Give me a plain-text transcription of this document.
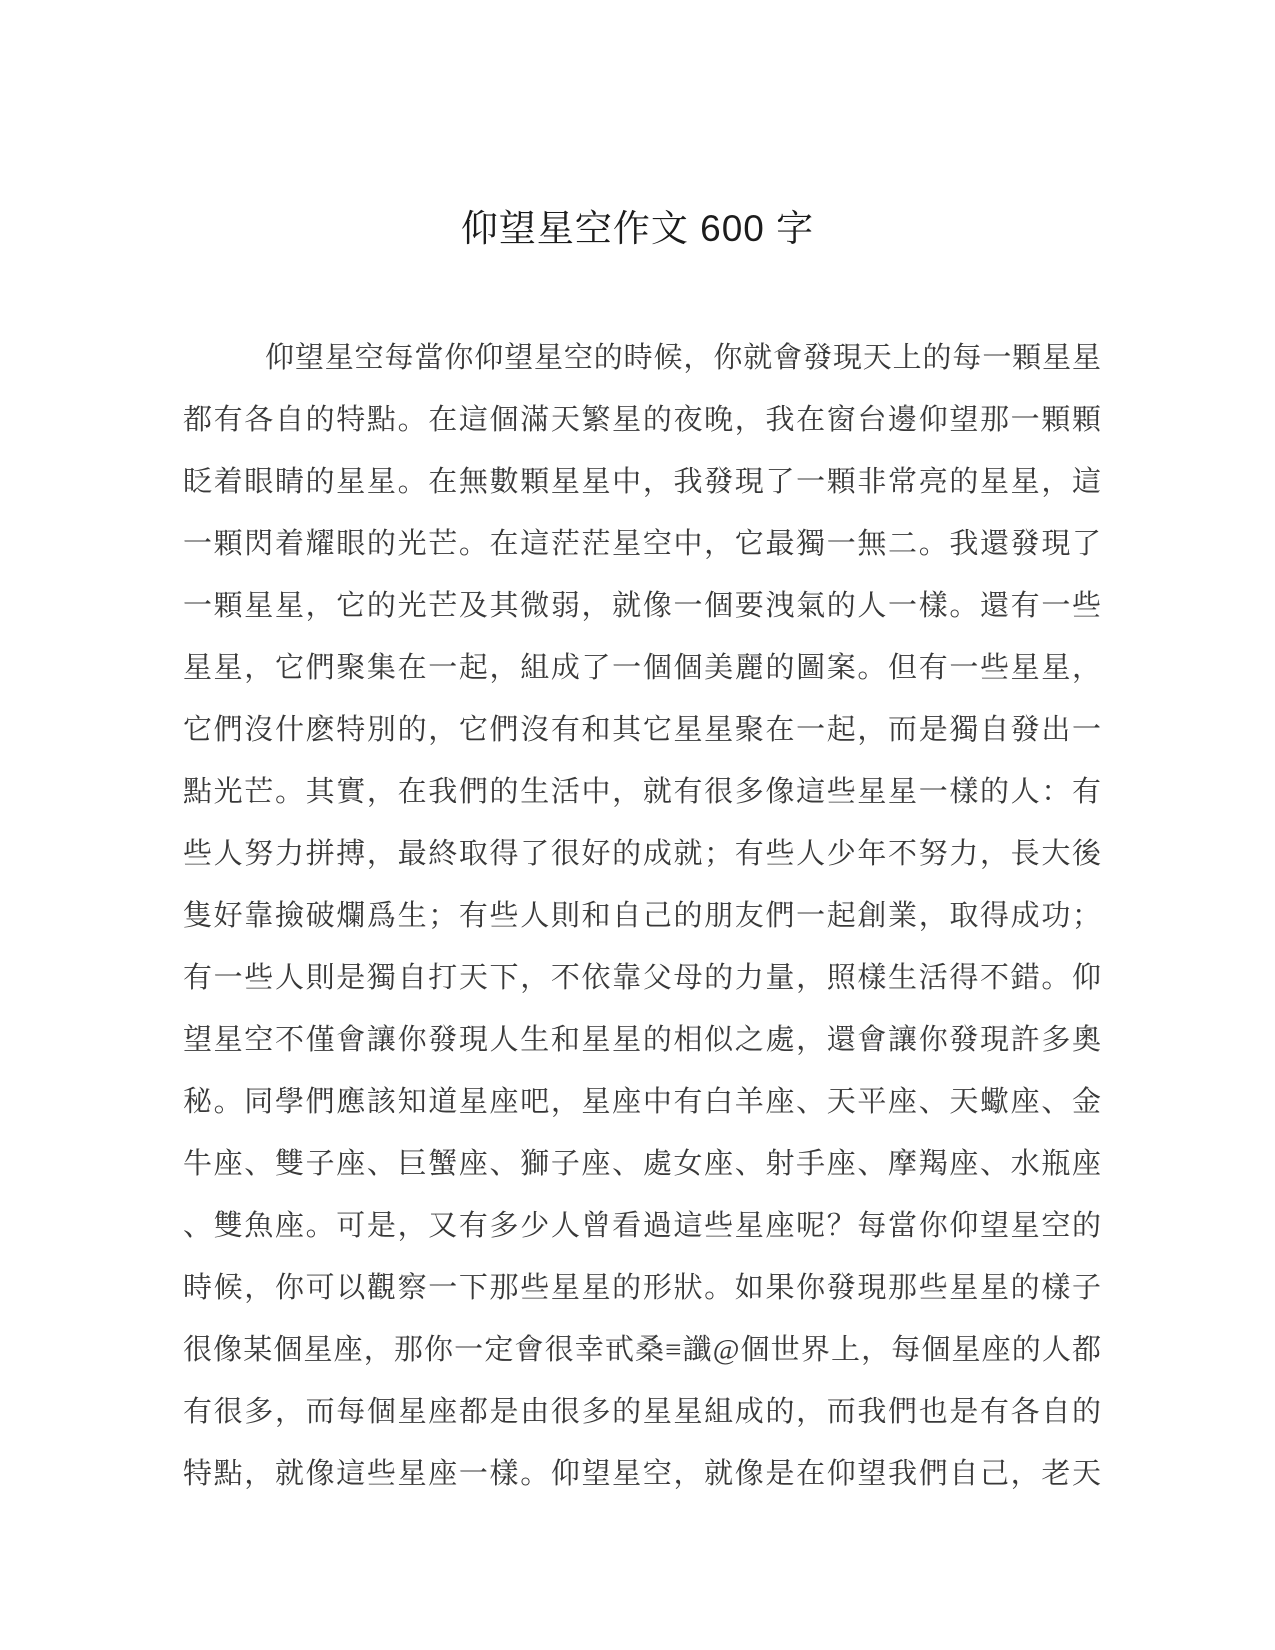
仰望星空作文 600 字
仰望星空每當你仰望星空的時候，你就會發現天上的每一顆星星
都有各自的特點。在這個滿天繁星的夜晚，我在窗台邊仰望那一顆顆
眨着眼睛的星星。在無數顆星星中，我發現了一顆非常亮的星星，這
一顆閃着耀眼的光芒。在這茫茫星空中，它最獨一無二。我還發現了
一顆星星，它的光芒及其微弱，就像一個要洩氣的人一樣。還有一些
星星，它們聚集在一起，組成了一個個美麗的圖案。但有一些星星，
它們沒什麽特別的，它們沒有和其它星星聚在一起，而是獨自發出一
點光芒。其實，在我們的生活中，就有很多像這些星星一樣的人：有
些人努力拼搏，最終取得了很好的成就；有些人少年不努力，長大後
隻好靠撿破爛爲生；有些人則和自己的朋友們一起創業，取得成功；
有一些人則是獨自打天下，不依靠父母的力量，照樣生活得不錯。仰
望星空不僅會讓你發現人生和星星的相似之處，還會讓你發現許多奧
秘。同學們應該知道星座吧，星座中有白羊座、天平座、天蠍座、金
牛座、雙子座、巨蟹座、獅子座、處女座、射手座、摩羯座、水瓶座
、雙魚座。可是，又有多少人曾看過這些星座呢？每當你仰望星空的
時候，你可以觀察一下那些星星的形狀。如果你發現那些星星的樣子
很像某個星座，那你一定會很幸甙桑≡讖@個世界上，每個星座的人都
有很多，而每個星座都是由很多的星星組成的，而我們也是有各自的
特點，就像這些星座一樣。仰望星空，就像是在仰望我們自己，老天
